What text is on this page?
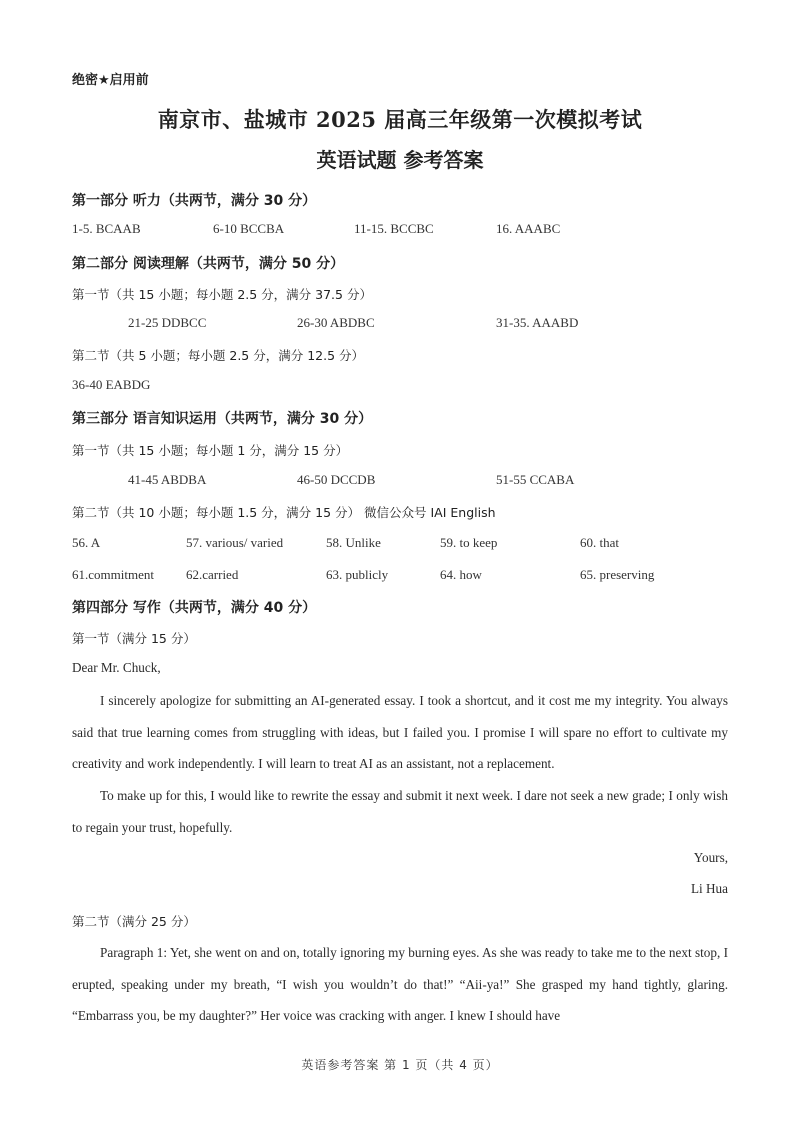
绝密★启用前
南京市、盐城市 2025 届高三年级第一次模拟考试
英语试题 参考答案
第一部分 听力（共两节，满分 30 分）
1-5. BCAAB	6-10 BCCBA	11-15. BCCBC	16. AAABC
第二部分 阅读理解（共两节，满分 50 分）
第一节（共 15 小题；每小题 2.5 分，满分 37.5 分）
21-25 DDBCC	26-30 ABDBC	31-35. AAABD
第二节（共 5 小题；每小题 2.5 分，满分 12.5 分）
36-40 EABDG
第三部分 语言知识运用（共两节，满分 30 分）
第一节（共 15 小题；每小题 1 分，满分 15 分）
41-45 ABDBA	46-50 DCCDB	51-55 CCABA
第二节（共 10 小题；每小题 1.5 分，满分 15 分） 微信公众号 IAI English
56. A	57. various/ varied	58. Unlike	59. to keep	60. that
61.commitment 62.carried	63. publicly	64. how	65. preserving
第四部分 写作（共两节，满分 40 分）
第一节（满分 15 分）
Dear Mr. Chuck,
I sincerely apologize for submitting an AI-generated essay. I took a shortcut, and it cost me my integrity. You always said that true learning comes from struggling with ideas, but I failed you. I promise I will spare no effort to cultivate my creativity and work independently. I will learn to treat AI as an assistant, not a replacement.
To make up for this, I would like to rewrite the essay and submit it next week. I dare not seek a new grade; I only wish to regain your trust, hopefully.
Yours,
Li Hua
第二节（满分 25 分）
Paragraph 1: Yet, she went on and on, totally ignoring my burning eyes. As she was ready to take me to the next stop, I erupted, speaking under my breath, “I wish you wouldn’t do that!” “Aii-ya!” She grasped my hand tightly, glaring. “Embarrass you, be my daughter?” Her voice was cracking with anger. I knew I should have
英语参考答案 第 1 页（共 4 页）
